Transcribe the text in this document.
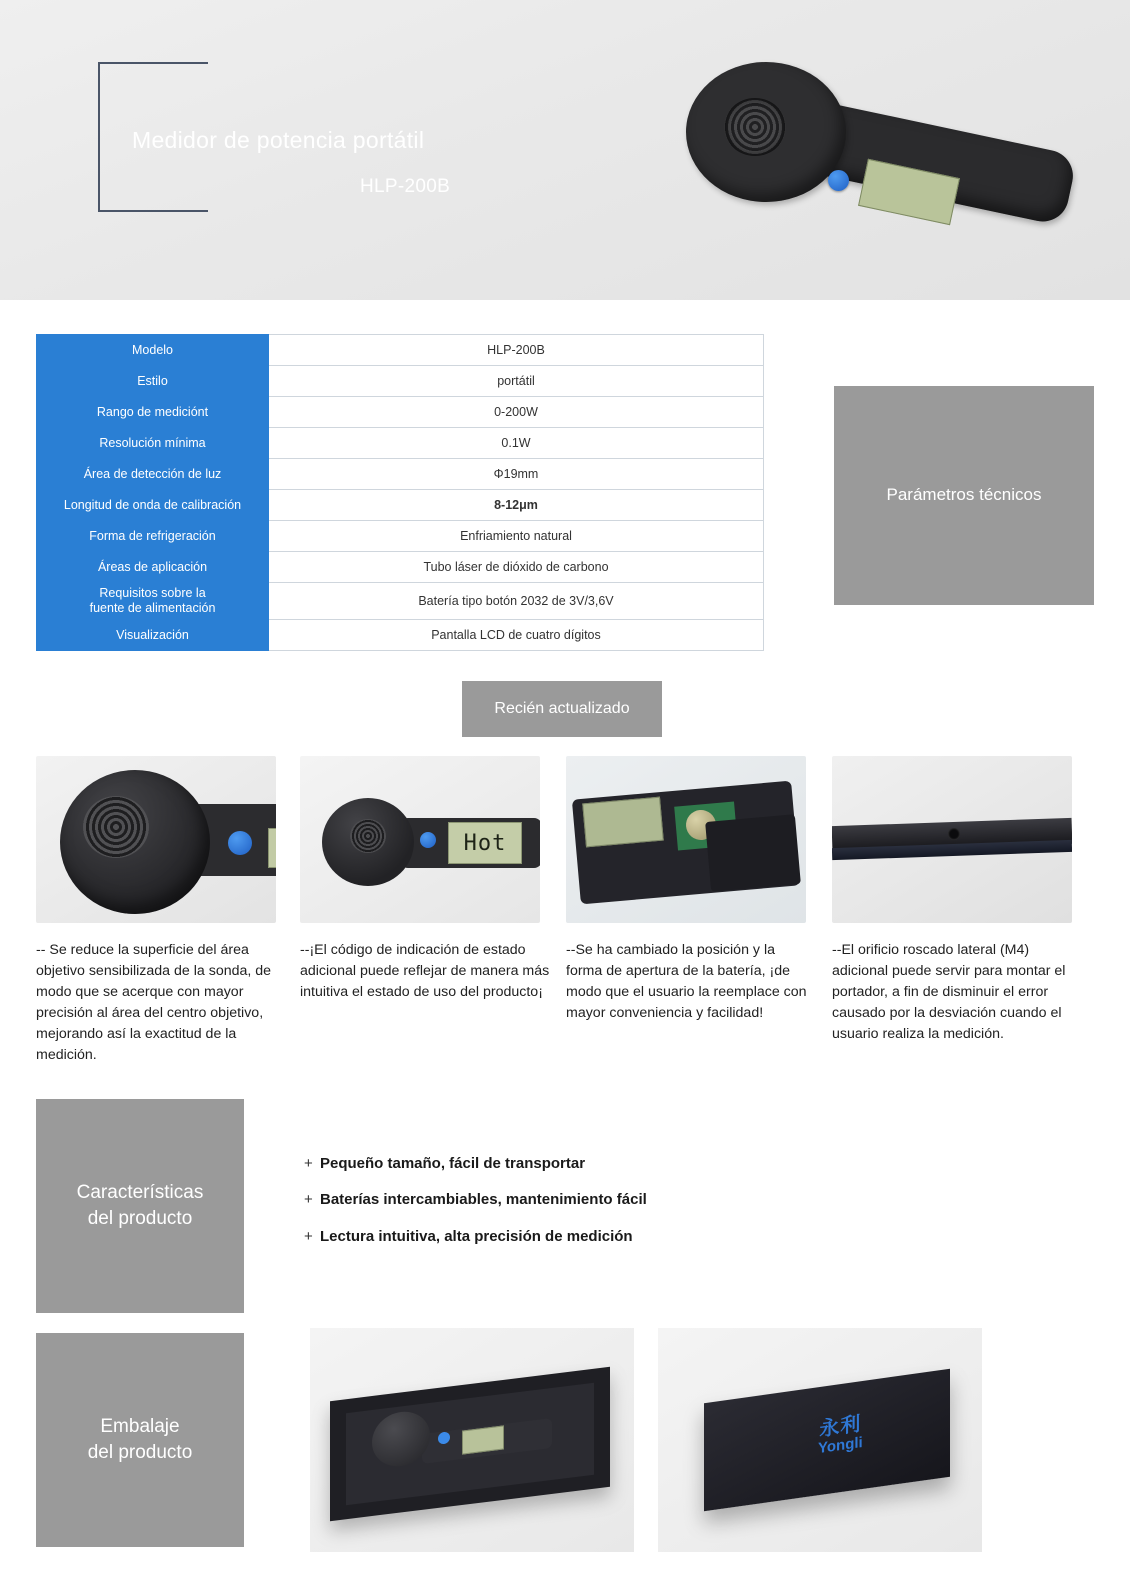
Medidor de potencia portátil
HLP-200B
Modelo	HLP-200B
Estilo	portátil
Rango de mediciónt	0-200W
Resolución mínima	0.1W
Área de detección de luz	Φ19mm
Longitud de onda de calibración	8-12μm
Forma de refrigeración	Enfriamiento natural
Áreas de aplicación	Tubo láser de dióxido de carbono

Requisitos sobre la
fuente de alimentación	Batería tipo botón 2032 de 3V/3,6V
Visualización	Pantalla LCD de cuatro dígitos
Parámetros técnicos
Recién actualizado
Hot
-- Se reduce la superficie del área objetivo sensibilizada de la sonda, de modo que se acerque con mayor precisión al área del centro objetivo, mejorando así la exactitud de la medición.
--¡El código de indicación de estado adicional puede reflejar de manera más intuitiva el estado de uso del producto¡
--Se ha cambiado la posición y la forma de apertura de la batería, ¡de modo que el usuario la reemplace con mayor conveniencia y facilidad!
--El orificio roscado lateral (M4) adicional puede servir para montar el portador, a fin de disminuir el error causado por la desviación cuando el usuario realiza la medición.
Características
del producto
+ Pequeño tamaño, fácil de transportar
+ Baterías intercambiables, mantenimiento fácil
+ Lectura intuitiva, alta precisión de medición
Embalaje
del producto
永利
Yongli
